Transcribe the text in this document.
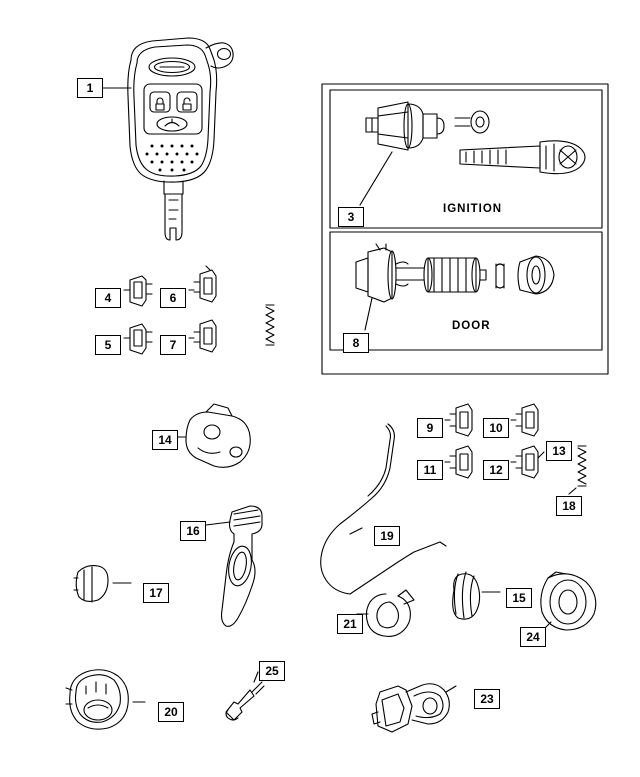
1
3
4
5
6
7	8
9	10
11	12
13
14
15
16
17
18
19
20
21
23
24
25
IGNITION
DOOR
